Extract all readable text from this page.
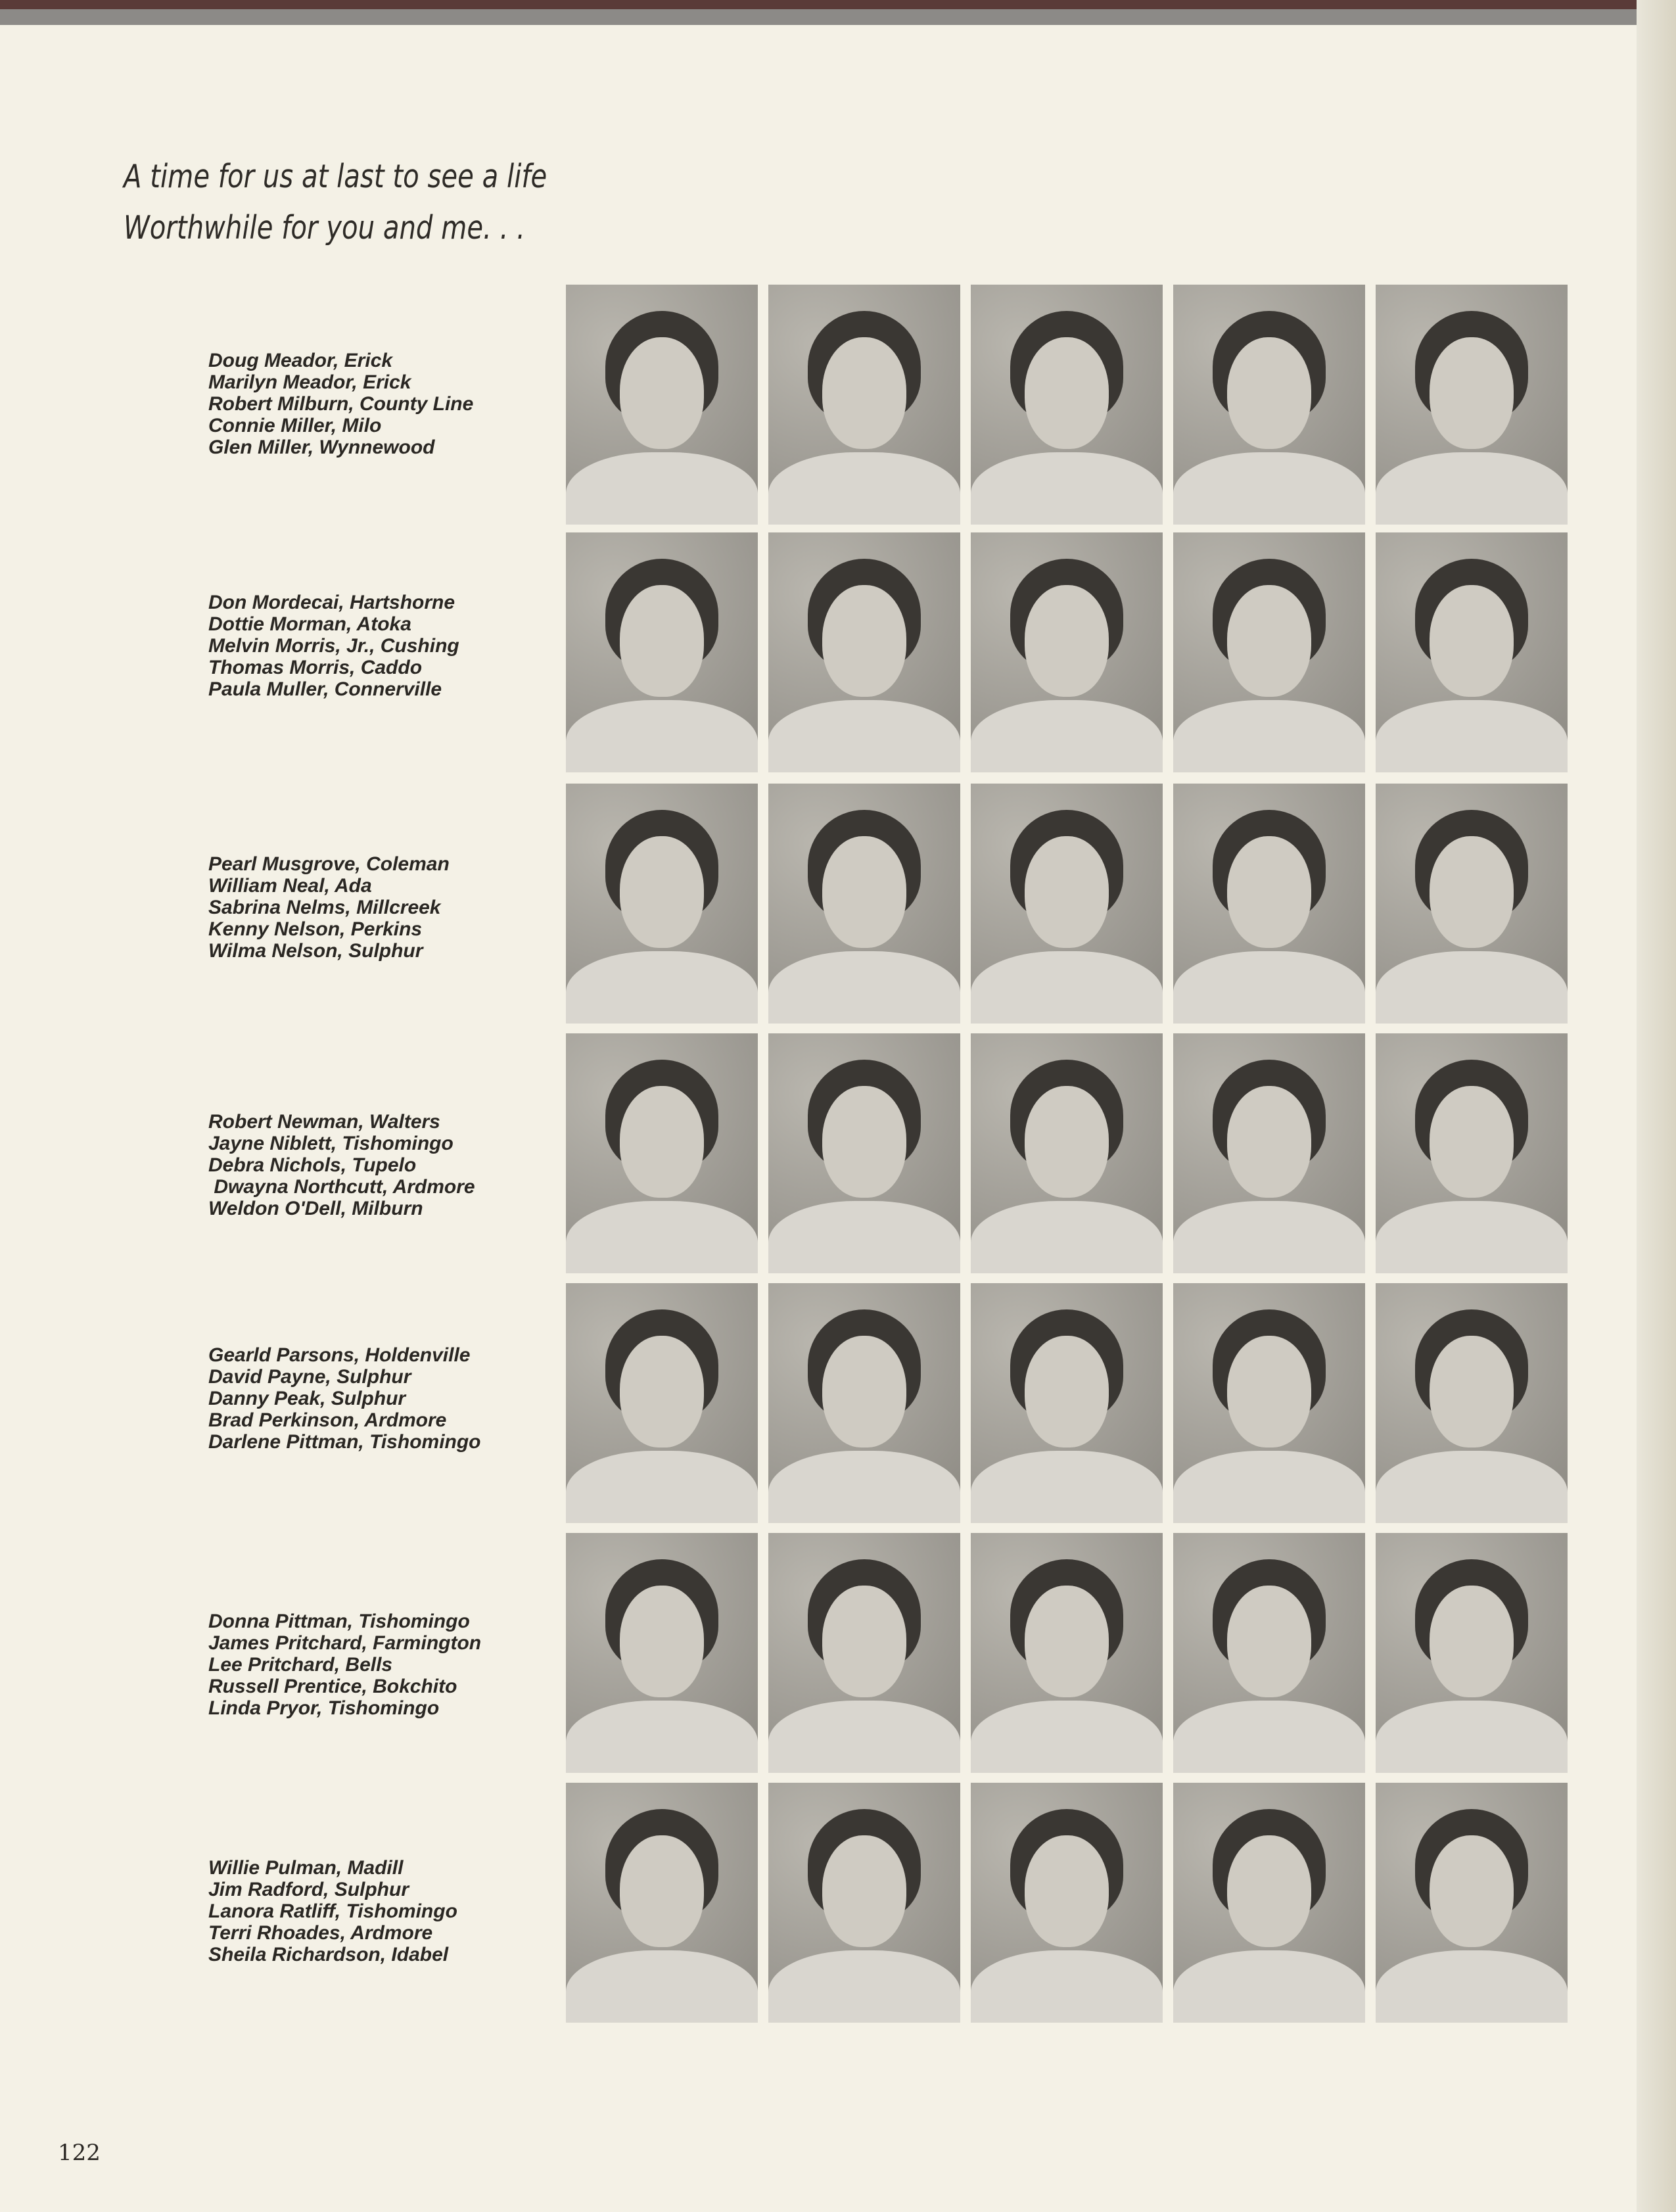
A time for us at last to see a life
Worthwhile for you and me. . .
Doug Meador, Erick
Marilyn Meador, Erick
Robert Milburn, County Line
Connie Miller, Milo
Glen Miller, Wynnewood
Don Mordecai, Hartshorne
Dottie Morman, Atoka
Melvin Morris, Jr., Cushing
Thomas Morris, Caddo
Paula Muller, Connerville
Pearl Musgrove, Coleman
William Neal, Ada
Sabrina Nelms, Millcreek
Kenny Nelson, Perkins
Wilma Nelson, Sulphur
Robert Newman, Walters
Jayne Niblett, Tishomingo
Debra Nichols, Tupelo
Dwayna Northcutt, Ardmore
Weldon O'Dell, Milburn
Gearld Parsons, Holdenville
David Payne, Sulphur
Danny Peak, Sulphur
Brad Perkinson, Ardmore
Darlene Pittman, Tishomingo
Donna Pittman, Tishomingo
James Pritchard, Farmington
Lee Pritchard, Bells
Russell Prentice, Bokchito
Linda Pryor, Tishomingo
Willie Pulman, Madill
Jim Radford, Sulphur
Lanora Ratliff, Tishomingo
Terri Rhoades, Ardmore
Sheila Richardson, Idabel
122
